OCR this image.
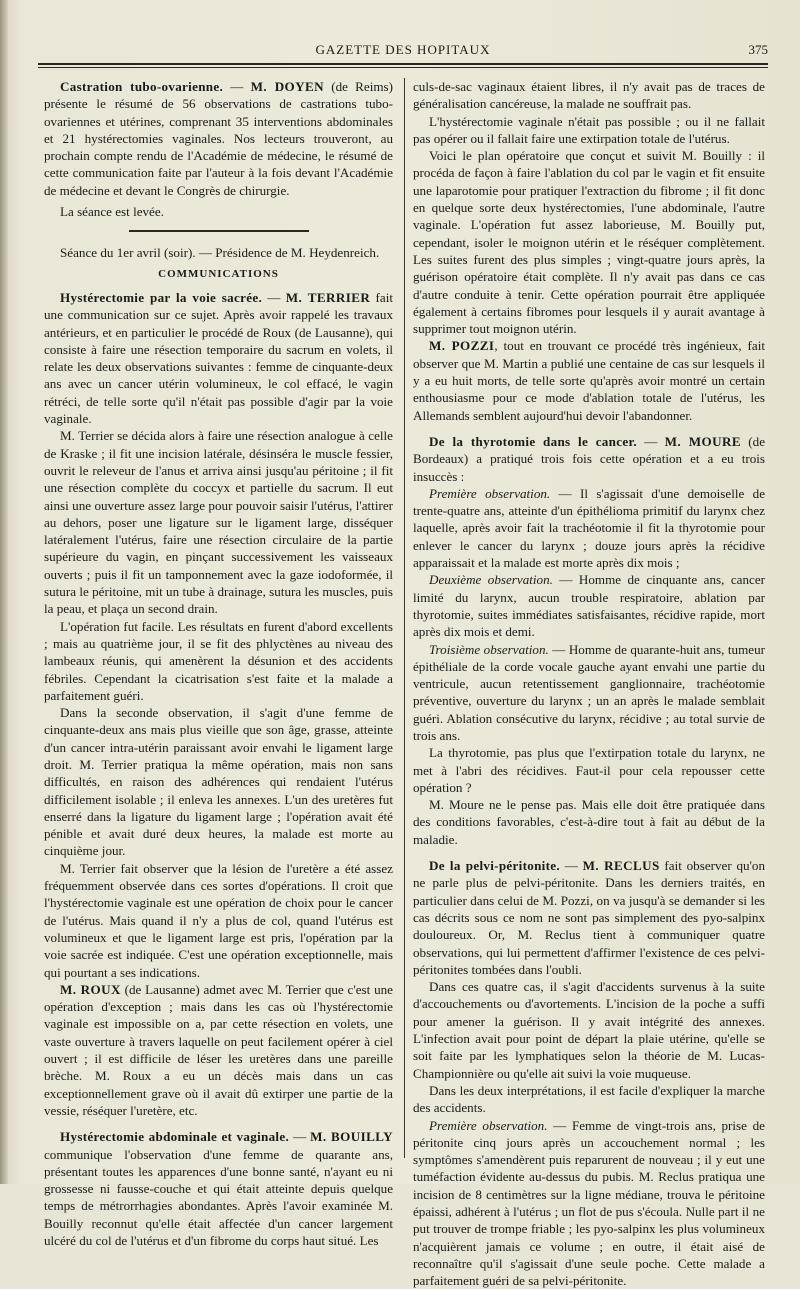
GAZETTE DES HOPITAUX	375

Castration tubo-ovarienne. — M. DOYEN (de Reims) présente le résumé de 56 observations de castrations tubo-ovariennes et utérines, comprenant 35 interventions abdominales et 21 hystérectomies vaginales. Nos lecteurs trouveront, au prochain compte rendu de l'Académie de médecine, le résumé de cette communication faite par l'auteur à la fois devant l'Académie de médecine et devant le Congrès de chirurgie.

La séance est levée.

Séance du 1er avril (soir). — Présidence de M. Heydenreich.

COMMUNICATIONS

Hystérectomie par la voie sacrée. — M. TERRIER fait une communication sur ce sujet. Après avoir rappelé les travaux antérieurs, et en particulier le procédé de Roux (de Lausanne), qui consiste à faire une résection temporaire du sacrum en volets, il relate les deux observations suivantes : femme de cinquante-deux ans avec un cancer utérin volumineux, le col effacé, le vagin rétréci, de telle sorte qu'il n'était pas possible d'agir par la voie vaginale.

M. Terrier se décida alors à faire une résection analogue à celle de Kraske ; il fit une incision latérale, désinséra le muscle fessier, ouvrit le releveur de l'anus et arriva ainsi jusqu'au péritoine ; il fit une résection complète du coccyx et partielle du sacrum. Il eut ainsi une ouverture assez large pour pouvoir saisir l'utérus, l'attirer au dehors, poser une ligature sur le ligament large, disséquer latéralement l'utérus, faire une résection circulaire de la partie supérieure du vagin, en pinçant successivement les vaisseaux ouverts ; puis il fit un tamponnement avec la gaze iodoformée, il sutura le péritoine, mit un tube à drainage, sutura les muscles, puis la peau, et plaça un second drain.

L'opération fut facile. Les résultats en furent d'abord excellents ; mais au quatrième jour, il se fit des phlyctènes au niveau des lambeaux réunis, qui amenèrent la désunion et des accidents fébriles. Cependant la cicatrisation s'est faite et la malade a parfaitement guéri.

Dans la seconde observation, il s'agit d'une femme de cinquante-deux ans mais plus vieille que son âge, grasse, atteinte d'un cancer intra-utérin paraissant avoir envahi le ligament large droit. M. Terrier pratiqua la même opération, mais non sans difficultés, en raison des adhérences qui rendaient l'utérus difficilement isolable ; il enleva les annexes. L'un des uretères fut enserré dans la ligature du ligament large ; l'opération avait été pénible et avait duré deux heures, la malade est morte au cinquième jour.

M. Terrier fait observer que la lésion de l'uretère a été assez fréquemment observée dans ces sortes d'opérations. Il croit que l'hystérectomie vaginale est une opération de choix pour le cancer de l'utérus. Mais quand il n'y a plus de col, quand l'utérus est volumineux et que le ligament large est pris, l'opération par la voie sacrée est indiquée. C'est une opération exceptionnelle, mais qui pourtant a ses indications.

M. ROUX (de Lausanne) admet avec M. Terrier que c'est une opération d'exception ; mais dans les cas où l'hystérectomie vaginale est impossible on a, par cette résection en volets, une vaste ouverture à travers laquelle on peut facilement opérer à ciel ouvert ; il est difficile de léser les uretères dans une pareille brèche. M. Roux a eu un décès mais dans un cas exceptionnellement grave où il avait dû extirper une partie de la vessie, réséquer l'uretère, etc.

Hystérectomie abdominale et vaginale. — M. BOUILLY communique l'observation d'une femme de quarante ans, présentant toutes les apparences d'une bonne santé, n'ayant eu ni grossesse ni fausse-couche et qui était atteinte depuis quelque temps de métrorrhagies abondantes. Après l'avoir examinée M. Bouilly reconnut qu'elle était affectée d'un cancer largement ulcéré du col de l'utérus et d'un fibrome du corps haut situé. Les

culs-de-sac vaginaux étaient libres, il n'y avait pas de traces de généralisation cancéreuse, la malade ne souffrait pas.

L'hystérectomie vaginale n'était pas possible ; ou il ne fallait pas opérer ou il fallait faire une extirpation totale de l'utérus.

Voici le plan opératoire que conçut et suivit M. Bouilly : il procéda de façon à faire l'ablation du col par le vagin et fit ensuite une laparotomie pour pratiquer l'extraction du fibrome ; il fit donc en quelque sorte deux hystérectomies, l'une abdominale, l'autre vaginale. L'opération fut assez laborieuse, M. Bouilly put, cependant, isoler le moignon utérin et le réséquer complètement. Les suites furent des plus simples ; vingt-quatre jours après, la guérison opératoire était complète. Il n'y avait pas dans ce cas d'autre conduite à tenir. Cette opération pourrait être appliquée également à certains fibromes pour lesquels il y aurait avantage à supprimer tout moignon utérin.

M. POZZI, tout en trouvant ce procédé très ingénieux, fait observer que M. Martin a publié une centaine de cas sur lesquels il y a eu huit morts, de telle sorte qu'après avoir montré un certain enthousiasme pour ce mode d'ablation totale de l'utérus, les Allemands semblent aujourd'hui devoir l'abandonner.

De la thyrotomie dans le cancer. — M. MOURE (de Bordeaux) a pratiqué trois fois cette opération et a eu trois insuccès :

Première observation. — Il s'agissait d'une demoiselle de trente-quatre ans, atteinte d'un épithélioma primitif du larynx chez laquelle, après avoir fait la trachéotomie il fit la thyrotomie pour enlever le cancer du larynx ; douze jours après la récidive apparaissait et la malade est morte après dix mois ;

Deuxième observation. — Homme de cinquante ans, cancer limité du larynx, aucun trouble respiratoire, ablation par thyrotomie, suites immédiates satisfaisantes, récidive rapide, mort après dix mois et demi.

Troisième observation. — Homme de quarante-huit ans, tumeur épithéliale de la corde vocale gauche ayant envahi une partie du ventricule, aucun retentissement ganglionnaire, trachéotomie préventive, ouverture du larynx ; un an après le malade semblait guéri. Ablation consécutive du larynx, récidive ; au total survie de trois ans.

La thyrotomie, pas plus que l'extirpation totale du larynx, ne met à l'abri des récidives. Faut-il pour cela repousser cette opération ?

M. Moure ne le pense pas. Mais elle doit être pratiquée dans des conditions favorables, c'est-à-dire tout à fait au début de la maladie.

De la pelvi-péritonite. — M. RECLUS fait observer qu'on ne parle plus de pelvi-péritonite. Dans les derniers traités, en particulier dans celui de M. Pozzi, on va jusqu'à se demander si les cas décrits sous ce nom ne sont pas simplement des pyo-salpinx douloureux. Or, M. Reclus tient à communiquer quatre observations, qui lui permettent d'affirmer l'existence de ces pelvi-péritonites tombées dans l'oubli.

Dans ces quatre cas, il s'agit d'accidents survenus à la suite d'accouchements ou d'avortements. L'incision de la poche a suffi pour amener la guérison. Il y avait intégrité des annexes. L'infection avait pour point de départ la plaie utérine, qu'elle se soit faite par les lymphatiques selon la théorie de M. Lucas-Championnière ou qu'elle ait suivi la voie muqueuse.

Dans les deux interprétations, il est facile d'expliquer la marche des accidents.

Première observation. — Femme de vingt-trois ans, prise de péritonite cinq jours après un accouchement normal ; les symptômes s'amendèrent puis reparurent de nouveau ; il y eut une tuméfaction évidente au-dessus du pubis. M. Reclus pratiqua une incision de 8 centimètres sur la ligne médiane, trouva le péritoine épaissi, adhérent à l'utérus ; un flot de pus s'écoula. Nulle part il ne put trouver de trompe friable ; les pyo-salpinx les plus volumineux n'acquièrent jamais ce volume ; en outre, il était aisé de reconnaître qu'il s'agissait d'une seule poche. Cette malade a parfaitement guéri de sa pelvi-péritonite.
